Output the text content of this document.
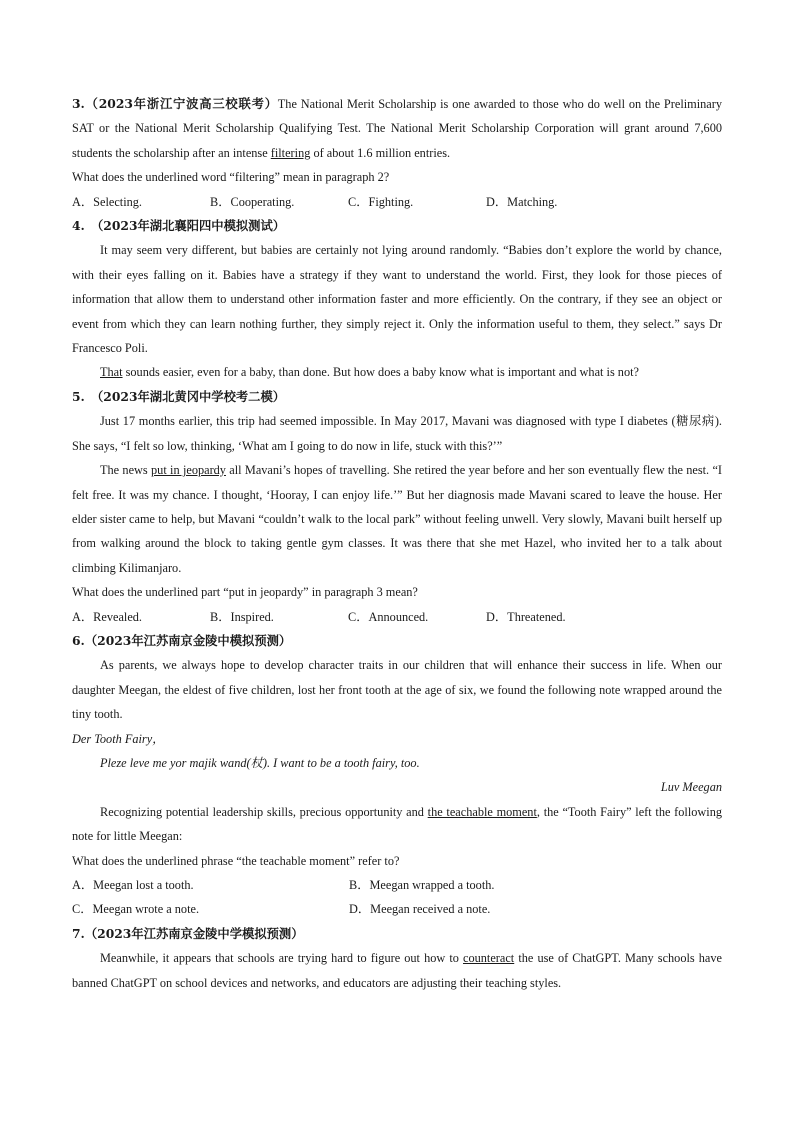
3.（2023年浙江宁波高三校联考）The National Merit Scholarship is one awarded to those who do well on the Preliminary SAT or the National Merit Scholarship Qualifying Test. The National Merit Scholarship Corporation will grant around 7,600 students the scholarship after an intense filtering of about 1.6 million entries.

What does the underlined word “filtering” mean in paragraph 2?

A．Selecting.	B．Cooperating.	C．Fighting.	D．Matching.

4.　（2023年湖北襄阳四中模拟测试）

It may seem very different, but babies are certainly not lying around randomly. “Babies don’t explore the world by chance, with their eyes falling on it. Babies have a strategy if they want to understand the world. First, they look for those pieces of information that allow them to understand other information faster and more efficiently. On the contrary, if they see an object or event from which they can learn nothing further, they simply reject it. Only the information useful to them, they select.” says Dr Francesco Poli.

That sounds easier, even for a baby, than done. But how does a baby know what is important and what is not?

5.　（2023年湖北黄冈中学校考二模）

Just 17 months earlier, this trip had seemed impossible. In May 2017, Mavani was diagnosed with type I diabetes (糖尿病). She says, “I felt so low, thinking, ‘What am I going to do now in life, stuck with this?’”

The news put in jeopardy all Mavani’s hopes of travelling. She retired the year before and her son eventually flew the nest. “I felt free. It was my chance. I thought, ‘Hooray, I can enjoy life.’” But her diagnosis made Mavani scared to leave the house. Her elder sister came to help, but Mavani “couldn’t walk to the local park” without feeling unwell. Very slowly, Mavani built herself up from walking around the block to taking gentle gym classes. It was there that she met Hazel, who invited her to a talk about climbing Kilimanjaro.

What does the underlined part “put in jeopardy” in paragraph 3 mean?

A．Revealed.	B．Inspired.	C．Announced.	D．Threatened.

6.（2023年江苏南京金陵中模拟预测）

As parents, we always hope to develop character traits in our children that will enhance their success in life. When our daughter Meegan, the eldest of five children, lost her front tooth at the age of six, we found the following note wrapped around the tiny tooth.

Der Tooth Fairy，

Pleze leve me yor majik wand(杖). I want to be a tooth fairy, too.

Luv Meegan

Recognizing potential leadership skills, precious opportunity and the teachable moment, the “Tooth Fairy” left the following note for little Meegan:

What does the underlined phrase “the teachable moment” refer to?

A．Meegan lost a tooth.	B．Meegan wrapped a tooth.
C．Meegan wrote a note.	D．Meegan received a note.

7.（2023年江苏南京金陵中学模拟预测）

Meanwhile, it appears that schools are trying hard to figure out how to counteract the use of ChatGPT. Many schools have banned ChatGPT on school devices and networks, and educators are adjusting their teaching styles.
